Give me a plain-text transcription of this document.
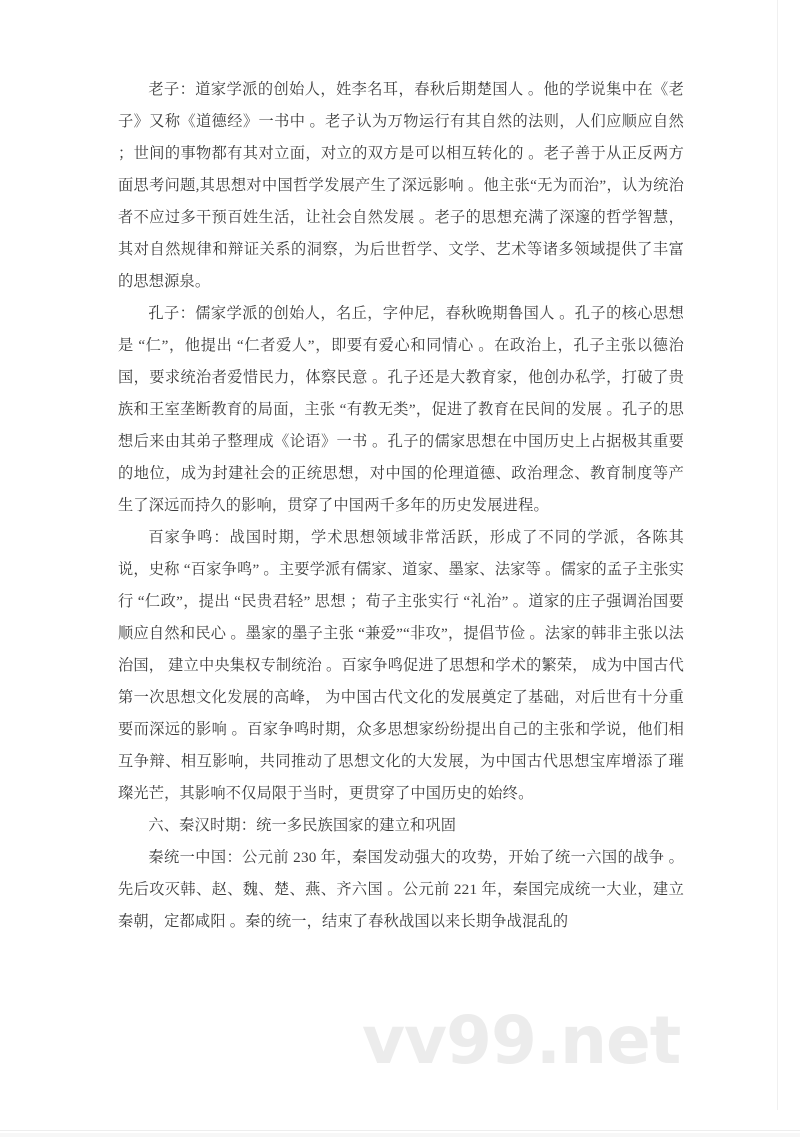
老子：道家学派的创始人，姓李名耳，春秋后期楚国人 。他的学说集中在《老子》又称《道德经》一书中 。老子认为万物运行有其自然的法则，人们应顺应自然 ；世间的事物都有其对立面，对立的双方是可以相互转化的 。老子善于从正反两方面思考问题,其思想对中国哲学发展产生了深远影响 。他主张“无为而治”，认为统治者不应过多干预百姓生活，让社会自然发展 。老子的思想充满了深邃的哲学智慧，其对自然规律和辩证关系的洞察，为后世哲学、文学、艺术等诸多领域提供了丰富的思想源泉。

孔子：儒家学派的创始人，名丘，字仲尼，春秋晚期鲁国人 。孔子的核心思想是 “仁”，他提出 “仁者爱人”，即要有爱心和同情心 。在政治上，孔子主张以德治国，要求统治者爱惜民力，体察民意 。孔子还是大教育家，他创办私学，打破了贵族和王室垄断教育的局面，主张 “有教无类”，促进了教育在民间的发展 。孔子的思想后来由其弟子整理成《论语》一书 。孔子的儒家思想在中国历史上占据极其重要的地位，成为封建社会的正统思想，对中国的伦理道德、政治理念、教育制度等产生了深远而持久的影响，贯穿了中国两千多年的历史发展进程。

百家争鸣：战国时期，学术思想领域非常活跃，形成了不同的学派，各陈其说，史称 “百家争鸣” 。主要学派有儒家、道家、墨家、法家等 。儒家的孟子主张实行 “仁政”，提出 “民贵君轻” 思想 ；荀子主张实行 “礼治” 。道家的庄子强调治国要顺应自然和民心 。墨家的墨子主张 “兼爱”“非攻”，提倡节俭 。法家的韩非主张以法治国， 建立中央集权专制统治 。百家争鸣促进了思想和学术的繁荣， 成为中国古代第一次思想文化发展的高峰， 为中国古代文化的发展奠定了基础，对后世有十分重要而深远的影响 。百家争鸣时期，众多思想家纷纷提出自己的主张和学说，他们相互争辩、相互影响，共同推动了思想文化的大发展，为中国古代思想宝库增添了璀璨光芒，其影响不仅局限于当时，更贯穿了中国历史的始终。

六、秦汉时期：统一多民族国家的建立和巩固

秦统一中国：公元前 230 年，秦国发动强大的攻势，开始了统一六国的战争 。先后攻灭韩、赵、魏、楚、燕、齐六国 。公元前 221 年，秦国完成统一大业，建立秦朝，定都咸阳 。秦的统一，结束了春秋战国以来长期争战混乱的

vv99.net
